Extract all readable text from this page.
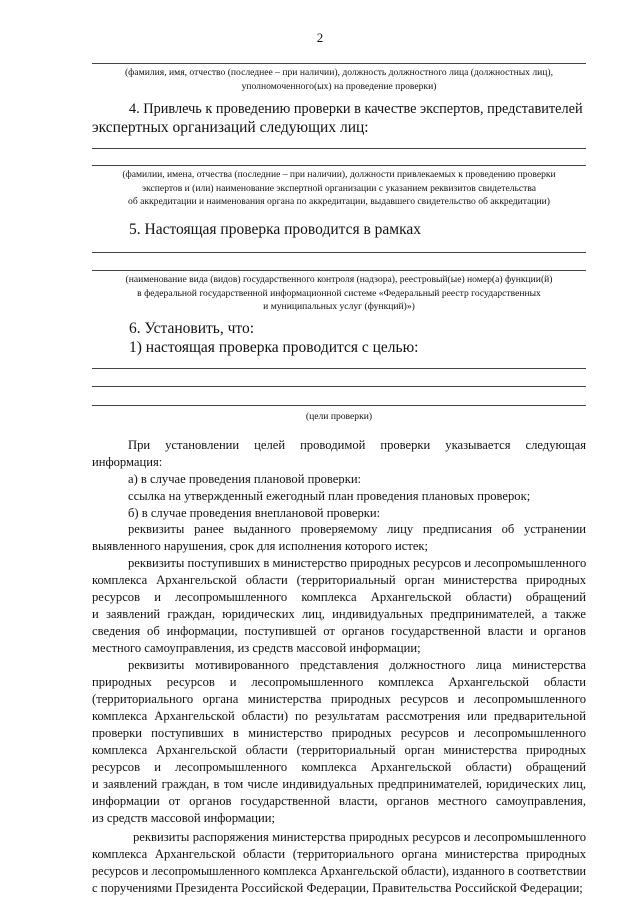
2
(фамилия, имя, отчество (последнее – при наличии), должность должностного лица (должностных лиц),
уполномоченного(ых) на проведение проверки)
4. Привлечь к проведению проверки в качестве экспертов, представителей
экспертных организаций следующих лиц:
(фамилии, имена, отчества (последние – при наличии), должности привлекаемых к проведению проверки
экспертов и (или) наименование экспертной организации с указанием реквизитов свидетельства
об аккредитации и наименования органа по аккредитации, выдавшего свидетельство об аккредитации)
5. Настоящая проверка проводится в рамках
(наименование вида (видов) государственного контроля (надзора), реестровый(ые) номер(а) функции(й)
в федеральной государственной информационной системе «Федеральный реестр государственных
и муниципальных услуг (функций)»)
6. Установить, что:
1) настоящая проверка проводится с целью:
(цели проверки)
При установлении целей проводимой проверки указывается следующая
информация:
а) в случае проведения плановой проверки:
ссылка на утвержденный ежегодный план проведения плановых проверок;
б) в случае проведения внеплановой проверки:
реквизиты ранее выданного проверяемому лицу предписания об устранении
выявленного нарушения, срок для исполнения которого истек;
реквизиты поступивших в министерство природных ресурсов и лесопромышленного
комплекса Архангельской области (территориальный орган министерства природных
ресурсов и лесопромышленного комплекса Архангельской области) обращений
и заявлений граждан, юридических лиц, индивидуальных предпринимателей, а также
сведения об информации, поступившей от органов государственной власти и органов
местного самоуправления, из средств массовой информации;
реквизиты мотивированного представления должностного лица министерства
природных ресурсов и лесопромышленного комплекса Архангельской области
(территориального органа министерства природных ресурсов и лесопромышленного
комплекса Архангельской области) по результатам рассмотрения или предварительной
проверки поступивших в министерство природных ресурсов и лесопромышленного
комплекса Архангельской области (территориальный орган министерства природных
ресурсов и лесопромышленного комплекса Архангельской области) обращений
и заявлений граждан, в том числе индивидуальных предпринимателей, юридических лиц,
информации от органов государственной власти, органов местного самоуправления,
из средств массовой информации;
реквизиты распоряжения министерства природных ресурсов и лесопромышленного
комплекса Архангельской области (территориального органа министерства природных
ресурсов и лесопромышленного комплекса Архангельской области), изданного в соответствии
с поручениями Президента Российской Федерации, Правительства Российской Федерации;
